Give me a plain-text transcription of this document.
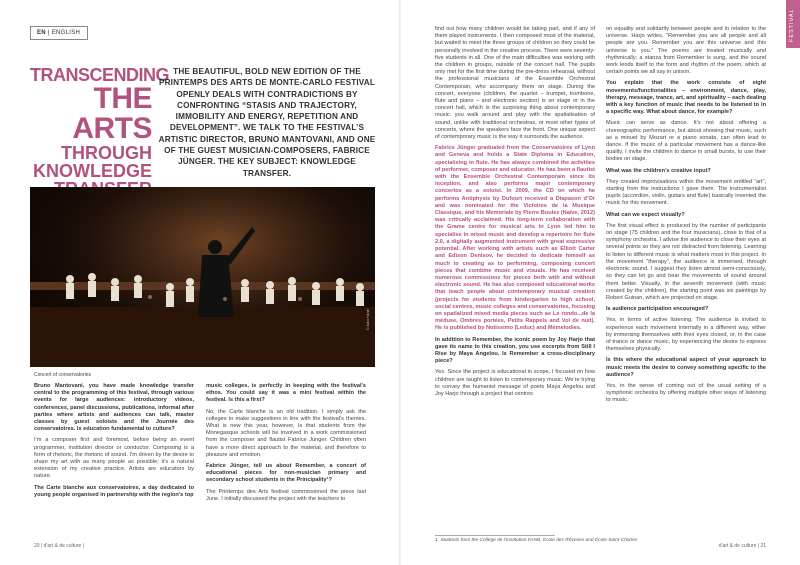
FESTIVAL
EN | ENGLISH
TRANSCENDING
THE ARTS
THROUGH
KNOWLEDGE
THE BEAUTIFUL, BOLD NEW EDITION OF THE PRINTEMPS DES ARTS DE MONTE-CARLO FESTIVAL OPENLY DEALS WITH CONTRADICTIONS BY CONFRONTING “STASIS AND TRAJECTORY, IMMOBILITY AND ENERGY, REPETITION AND DEVELOPMENT”. WE TALK TO THE FESTIVAL’S ARTISTIC DIRECTOR, BRUNO MANTOVANI, AND ONE OF THE GUEST MUSICIAN-COMPOSERS, FABRICE JÜNGER. THE KEY SUBJECT: KNOWLEDGE TRANSFER.
© Alain Hanel
Concert of conservatories

Bruno Mantovani, you have made knowledge transfer central to the programming of this festival, through various events for large audiences: introductory videos, conferences, panel discussions, publications, informal after parties where artists and audiences can talk, master classes by guest soloists and the Journée des conservatoires. Is education fundamental to culture?

I’m a composer first and foremost, before being an event programmer, institution director or conductor. Composing is a form of rhetoric, the rhetoric of sound. I’m driven by the desire to share my art with as many people as possible; it’s a natural extension of my creative practice. Artists are educators by nature.

The Carte blanche aux conservatoires, a day dedicated to young people organised in partnership with the region’s top

music colleges, is perfectly in keeping with the festival’s ethos. You could say it was a mini festival within the festival. Is this a first?

No, the Carte blanche is an old tradition. I simply ask the colleges to make suggestions in line with the festival’s themes. What is new this year, however, is that students from the Monegasque schools will be involved in a work commissioned from the composer and flautist Fabrice Jünger. Children often have a more direct approach to the material, and therefore to pleasure and emotion.

Fabrice Jünger, tell us about Remember, a concert of educational pieces for non-musician primary and secondary school students in the Principality¹?

The Printemps des Arts festival commissioned the piece last June. I initially discussed the project with the teachers to

find out how many children would be taking part, and if any of them played instruments. I then composed most of the material, but waited to meet the three groups of children so they could be personally involved in the creative process. There were seventy-five students in all. One of the main difficulties was working with the children in groups, outside of the concert hall. The pupils only met for the first time during the pre-dress rehearsal, without the professional musicians of the Ensemble Orchestral Contemporain, who accompany them on stage. During the concert, everyone (children, the quartet – trumpet, trombone, flute and piano – and electronic section) is on stage or in the concert hall, which is the surprising thing about contemporary music: you walk around and play with the spatialisation of sound, unlike with traditional orchestras, or most other types of concerts, where the speakers face the front. One unique aspect of contemporary music is the way it surrounds the audience.

Fabrice Jünger graduated from the Conservatoires of Lyon and Geneva and holds a State Diploma in Education, specialising in flute. He has always combined the activities of performer, composer and educator. He has been a flautist with the Ensemble Orchestral Contemporain since its inception, and also performs major contemporary concertos as a soloist. In 2009, the CD on which he performs Antiphysis by Dufourt received a Diapason d’Or and was nominated for the Victoires de la Musique Classique, and his Memoriale by Pierre Boulez (Naïve, 2012) was critically acclaimed. His long-term collaboration with the Grame centre for musical arts in Lyon led him to specialise in mixed music and develop a repertoire for flute 2.0, a digitally augmented instrument with great expressive potential. After working with artists such as Elliott Carter and Edison Denisov, he decided to dedicate himself as much to creating as to performing, composing concert pieces that combine music and visuals. He has received numerous commissions for pieces both with and without electronic sound. He has also composed educational works that teach people about contemporary musical creation (projects for students from kindergarten to high school, social centres, music colleges and conservatories, focusing on spatialized mixed media pieces such as Le rondo...de la méduse, Ombres portées, Petits Rappels and Vol de nuit). He is published by Notissimo (Leduc) and Mémelodies.

In addition to Remember, the iconic poem by Joy Harjo that gave its name to this creation, you use excerpts from Still I Rise by Maya Angelou. Is Remember a cross-disciplinary piece?

Yes. Since the project is educational in scope, I focused on how children are taught to listen to contemporary music. We’re trying to convey the humanist message of poets Maya Angelou and Joy Harjo through a project that centres

on equality and solidarity between people and in relation to the universe. Harjo writes, “Remember you are all people and all people are you. Remember you are this universe and this universe is you.” The poems are treated musically and rhythmically; a stanza from Remember is sung, and the sound work lends itself to the form and rhythm of the poem, which at certain points we all say in unison.

You explain that the work consists of eight movements/functionalities – environment, dance, play, therapy, message, trance, art, and spirituality – each dealing with a key function of music that needs to be listened to in a specific way. What about dance, for example?

Music can serve as dance. It’s not about offering a choreographic performance, but about showing that music, such as a minuet by Mozart or a piano sonata, can often lead to dance. If the music of a particular movement has a dance-like quality, I invite the children to dance in small bursts, to use their bodies on stage.

What was the children’s creative input?

They created improvisations within the movement entitled “art”, starting from the instructions I gave them. The instrumentalist pupils (accordion, violin, guitars and flute) basically invented the music for this movement.

What can we expect visually?

The first visual effect is produced by the number of participants on stage (75 children and the four musicians), close to that of a symphony orchestra. I advise the audience to close their eyes at several points so they are not distracted from listening. Learning to listen to different music is what matters most in this project. In the movement “therapy”, the audience is immersed, through electronic sound. I suggest they listen almost semi-consciously, so they can let go and hear the movements of sound around them better. Visually, in the seventh movement (with music created by the children), the starting point was six paintings by Robert Guinan, which are projected on stage.

Is audience participation encouraged?

Yes, in terms of active listening. The audience is invited to experience each movement internally in a different way, either by immersing themselves with their eyes closed, or, in the case of trance or dance music, by experiencing the desire to express themselves physically.

Is this where the educational aspect of your approach to music meets the desire to convey something specific to the audience?

Yes, in the sense of coming out of the usual setting of a symphonic orchestra by offering multiple other ways of listening to music.

1. Students from the Collège de l’Institution FANB, École des Révories and École Saint-Charles
20 | d'art & de culture |	d'art & de culture | 21
